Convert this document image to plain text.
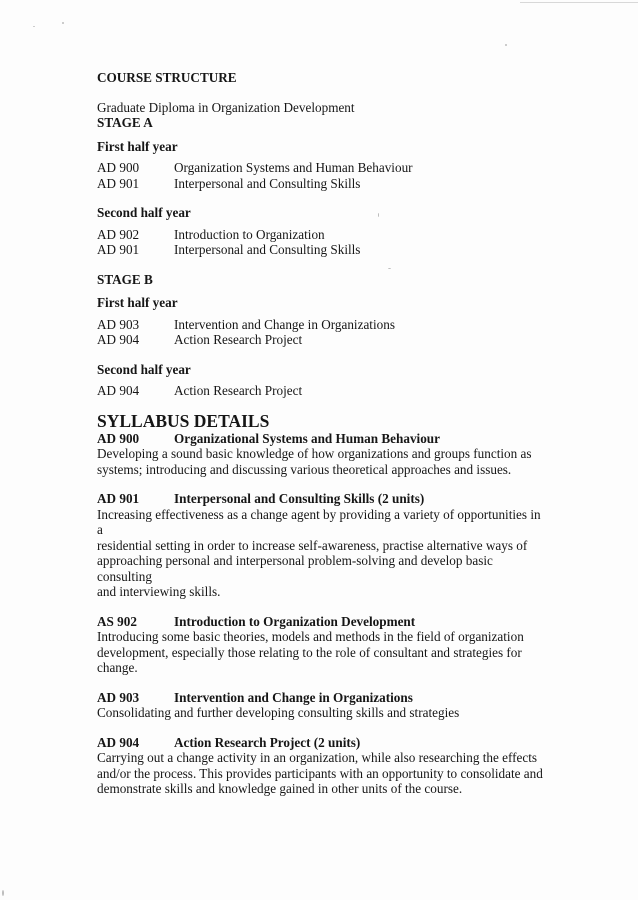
COURSE STRUCTURE
Graduate Diploma in Organization Development
STAGE A
First half year
AD 900	Organization Systems and Human Behaviour
AD 901	Interpersonal and Consulting Skills
Second half year
AD 902	Introduction to Organization
AD 901	Interpersonal and Consulting Skills
STAGE B
First half year
AD 903	Intervention and Change in Organizations
AD 904	Action Research Project
Second half year
AD 904	Action Research Project
SYLLABUS DETAILS
AD 900	Organizational Systems and Human Behaviour
Developing a sound basic knowledge of how organizations and groups function as
systems; introducing and discussing various theoretical approaches and issues.
AD 901	Interpersonal and Consulting Skills (2 units)
Increasing effectiveness as a change agent by providing a variety of opportunities in a
residential setting in order to increase self-awareness, practise alternative ways of
approaching personal and interpersonal problem-solving and develop basic consulting
and interviewing skills.
AS 902	Introduction to Organization Development
Introducing some basic theories, models and methods in the field of organization
development, especially those relating to the role of consultant and strategies for
change.
AD 903	Intervention and Change in Organizations
Consolidating and further developing consulting skills and strategies
AD 904	Action Research Project (2 units)
Carrying out a change activity in an organization, while also researching the effects
and/or the process. This provides participants with an opportunity to consolidate and
demonstrate skills and knowledge gained in other units of the course.
